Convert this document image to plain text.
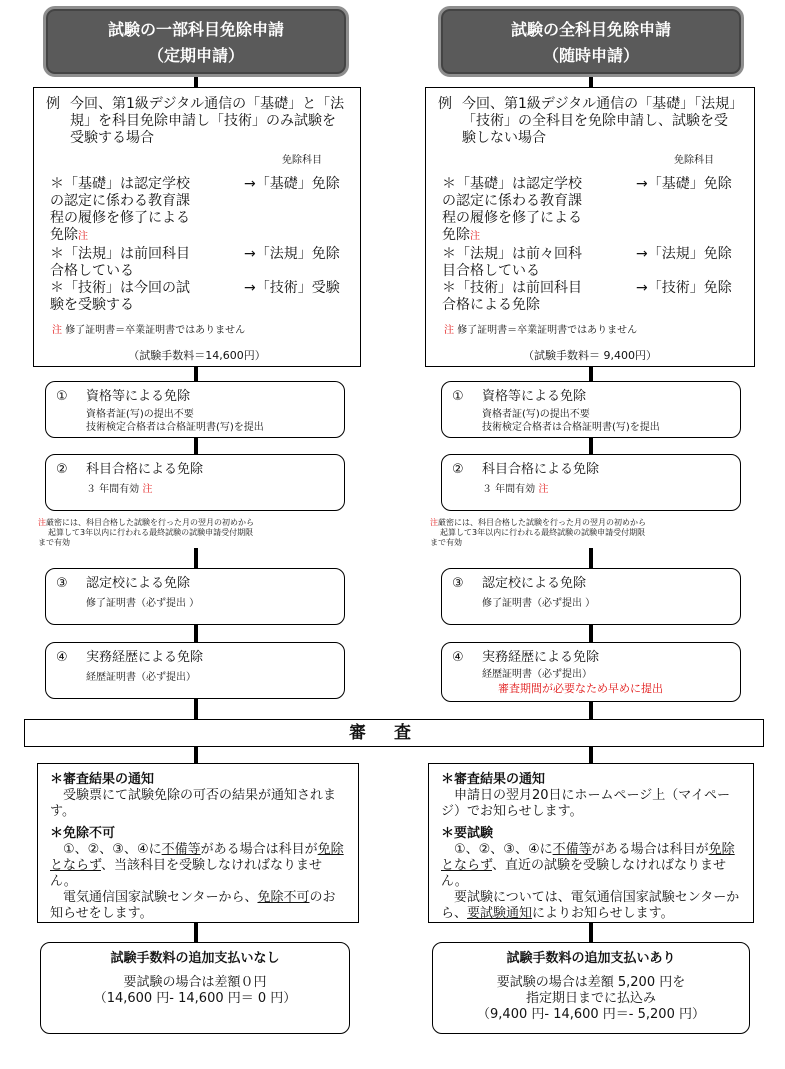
試験の一部科目免除申請
（定期申請）
例 今回、第1級デジタル通信の「基礎」と「法規」を科目免除申請し「技術」のみ試験を受験する場合
免除科目
＊「基礎」は認定学校の認定に係わる教育課程の履修を修了による免除注
→「基礎」免除
＊「法規」は前回科目合格している
→「法規」免除
＊「技術」は今回の試験を受験する
→「技術」受験
注 修了証明書＝卒業証明書ではありません
（試験手数料＝14,600円）
① 資格等による免除
資格者証(写)の提出不要
技術検定合格者は合格証明書(写)を提出
② 科目合格による免除
３ 年間有効 注
注厳密には、科目合格した試験を行った月の翌月の初めから
起算して3年以内に行われる最終試験の試験申請受付期限
まで有効
③ 認定校による免除
修了証明書（必ず提出 ）
④ 実務経歴による免除
経歴証明書（必ず提出）
試験の全科目免除申請
（随時申請）
例 今回、第1級デジタル通信の「基礎」「法規」「技術」の全科目を免除申請し、試験を受験しない場合
免除科目
＊「基礎」は認定学校の認定に係わる教育課程の履修を修了による免除注
→「基礎」免除
＊「法規」は前々回科目合格している
→「法規」免除
＊「技術」は前回科目合格による免除
→「技術」免除
注 修了証明書＝卒業証明書ではありません
（試験手数料＝ 9,400円）
① 資格等による免除
資格者証(写)の提出不要
技術検定合格者は合格証明書(写)を提出
② 科目合格による免除
３ 年間有効 注
注厳密には、科目合格した試験を行った月の翌月の初めから
起算して3年以内に行われる最終試験の試験申請受付期限
まで有効
③ 認定校による免除
修了証明書（必ず提出 ）
④ 実務経歴による免除
経歴証明書（必ず提出）
審査期間が必要なため早めに提出
審査

＊審査結果の通知

受験票にて試験免除の可否の結果が通知されます。

＊免除不可

①、②、③、④に不備等がある場合は科目が免除とならず、当該科目を受験しなければなりません。

電気通信国家試験センターから、免除不可のお知らせをします。

＊審査結果の通知

申請日の翌月20日にホームページ上（マイページ）でお知らせします。

＊要試験

①、②、③、④に不備等がある場合は科目が免除とならず、直近の試験を受験しなければなりません。

要試験については、電気通信国家試験センターから、要試験通知によりお知らせします。

試験手数料の追加支払いなし
要試験の場合は差額０円
（14,600 円- 14,600 円＝ 0 円）
試験手数料の追加支払いあり
要試験の場合は差額 5,200 円を
指定期日までに払込み
（9,400 円- 14,600 円＝- 5,200 円）
